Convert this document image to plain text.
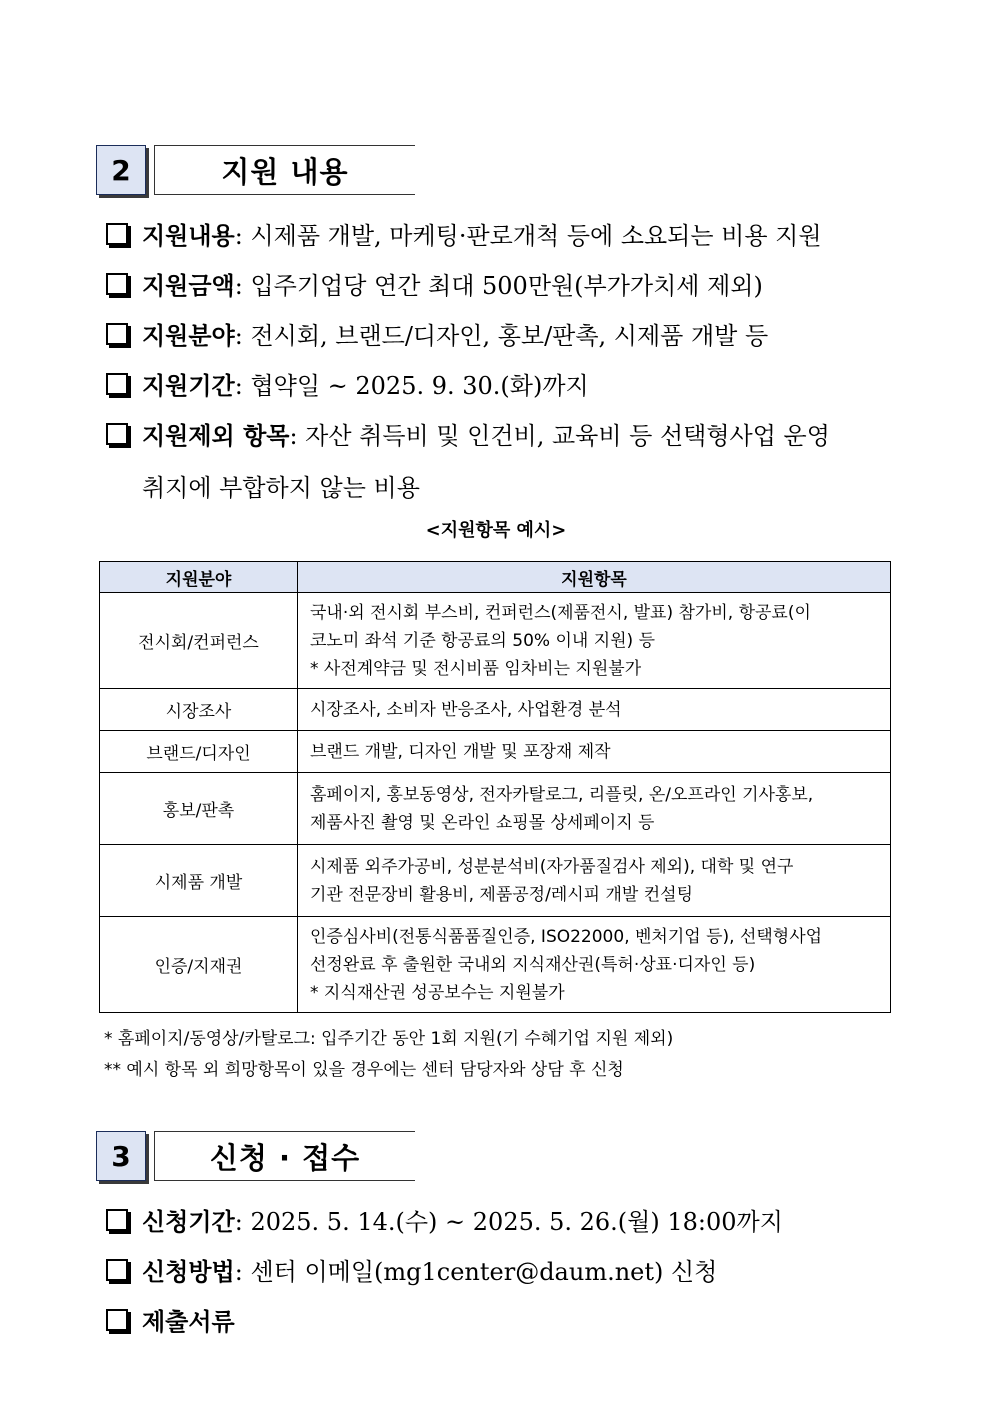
2	지원 내용
지원내용 : 시제품 개발, 마케팅·판로개척 등에 소요되는 비용 지원
지원금액 : 입주기업당 연간 최대 500만원(부가가치세 제외)
지원분야 : 전시회, 브랜드/디자인, 홍보/판촉, 시제품 개발 등
지원기간 : 협약일 ~ 2025. 9. 30.(화)까지
지원제외 항목 : 자산 취득비 및 인건비, 교육비 등 선택형사업 운영
취지에 부합하지 않는 비용
<지원항목 예시>
지원분야	지원항목
전시회/컨퍼런스	국내·외 전시회 부스비, 컨퍼런스(제품전시, 발표) 참가비, 항공료(이
코노미 좌석 기준 항공료의 50% 이내 지원) 등
* 사전계약금 및 전시비품 임차비는 지원불가

시장조사	시장조사, 소비자 반응조사, 사업환경 분석

브랜드/디자인	브랜드 개발, 디자인 개발 및 포장재 제작

홍보/판촉	홈페이지, 홍보동영상, 전자카탈로그, 리플릿, 온/오프라인 기사홍보,
제품사진 촬영 및 온라인 쇼핑몰 상세페이지 등

시제품 개발	시제품 외주가공비, 성분분석비(자가품질검사 제외), 대학 및 연구
기관 전문장비 활용비, 제품공정/레시피 개발 컨설팅

인증/지재권	인증심사비(전통식품품질인증, ISO22000, 벤처기업 등), 선택형사업
선정완료 후 출원한 국내외 지식재산권(특허·상표·디자인 등)
* 지식재산권 성공보수는 지원불가
* 홈페이지/동영상/카탈로그: 입주기간 동안 1회 지원(기 수혜기업 지원 제외)
** 예시 항목 외 희망항목이 있을 경우에는 센터 담당자와 상담 후 신청
3	신청 · 접수
신청기간 : 2025. 5. 14.(수) ~ 2025. 5. 26.(월) 18:00까지
신청방법 : 센터 이메일(mg1center@daum.net) 신청
제출서류
